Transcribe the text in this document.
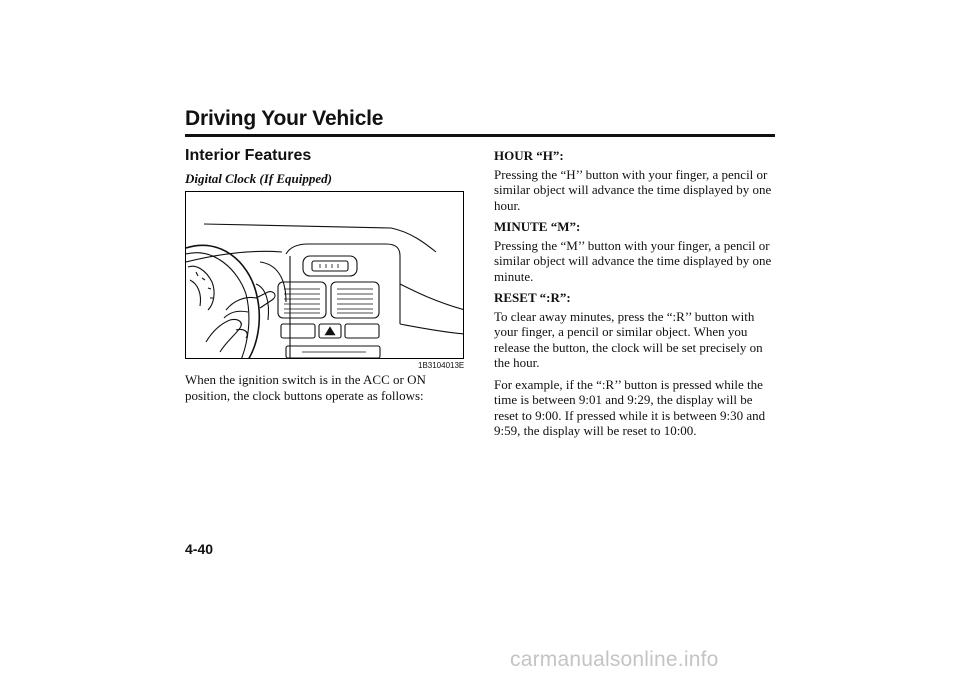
Driving Your Vehicle
Interior Features
Digital Clock (If Equipped)
1B3104013E

When the ignition switch is in the ACC or ON position, the clock buttons operate as follows:

HOUR “H”:

Pressing the “H’’ button with your finger, a pencil or similar object will advance the time displayed by one hour.

MINUTE “M”:

Pressing the “M’’ button with your finger, a pencil or similar object will advance the time displayed by one minute.

RESET “:R”:

To clear away minutes, press the “:R’’ button with your finger, a pencil or similar object. When you release the button, the clock will be set precisely on the hour.

For example, if the “:R’’ button is pressed while the time is between 9:01 and 9:29, the display will be reset to 9:00. If pressed while it is between 9:30 and 9:59, the display will be reset to 10:00.

4-40
carmanualsonline.info
